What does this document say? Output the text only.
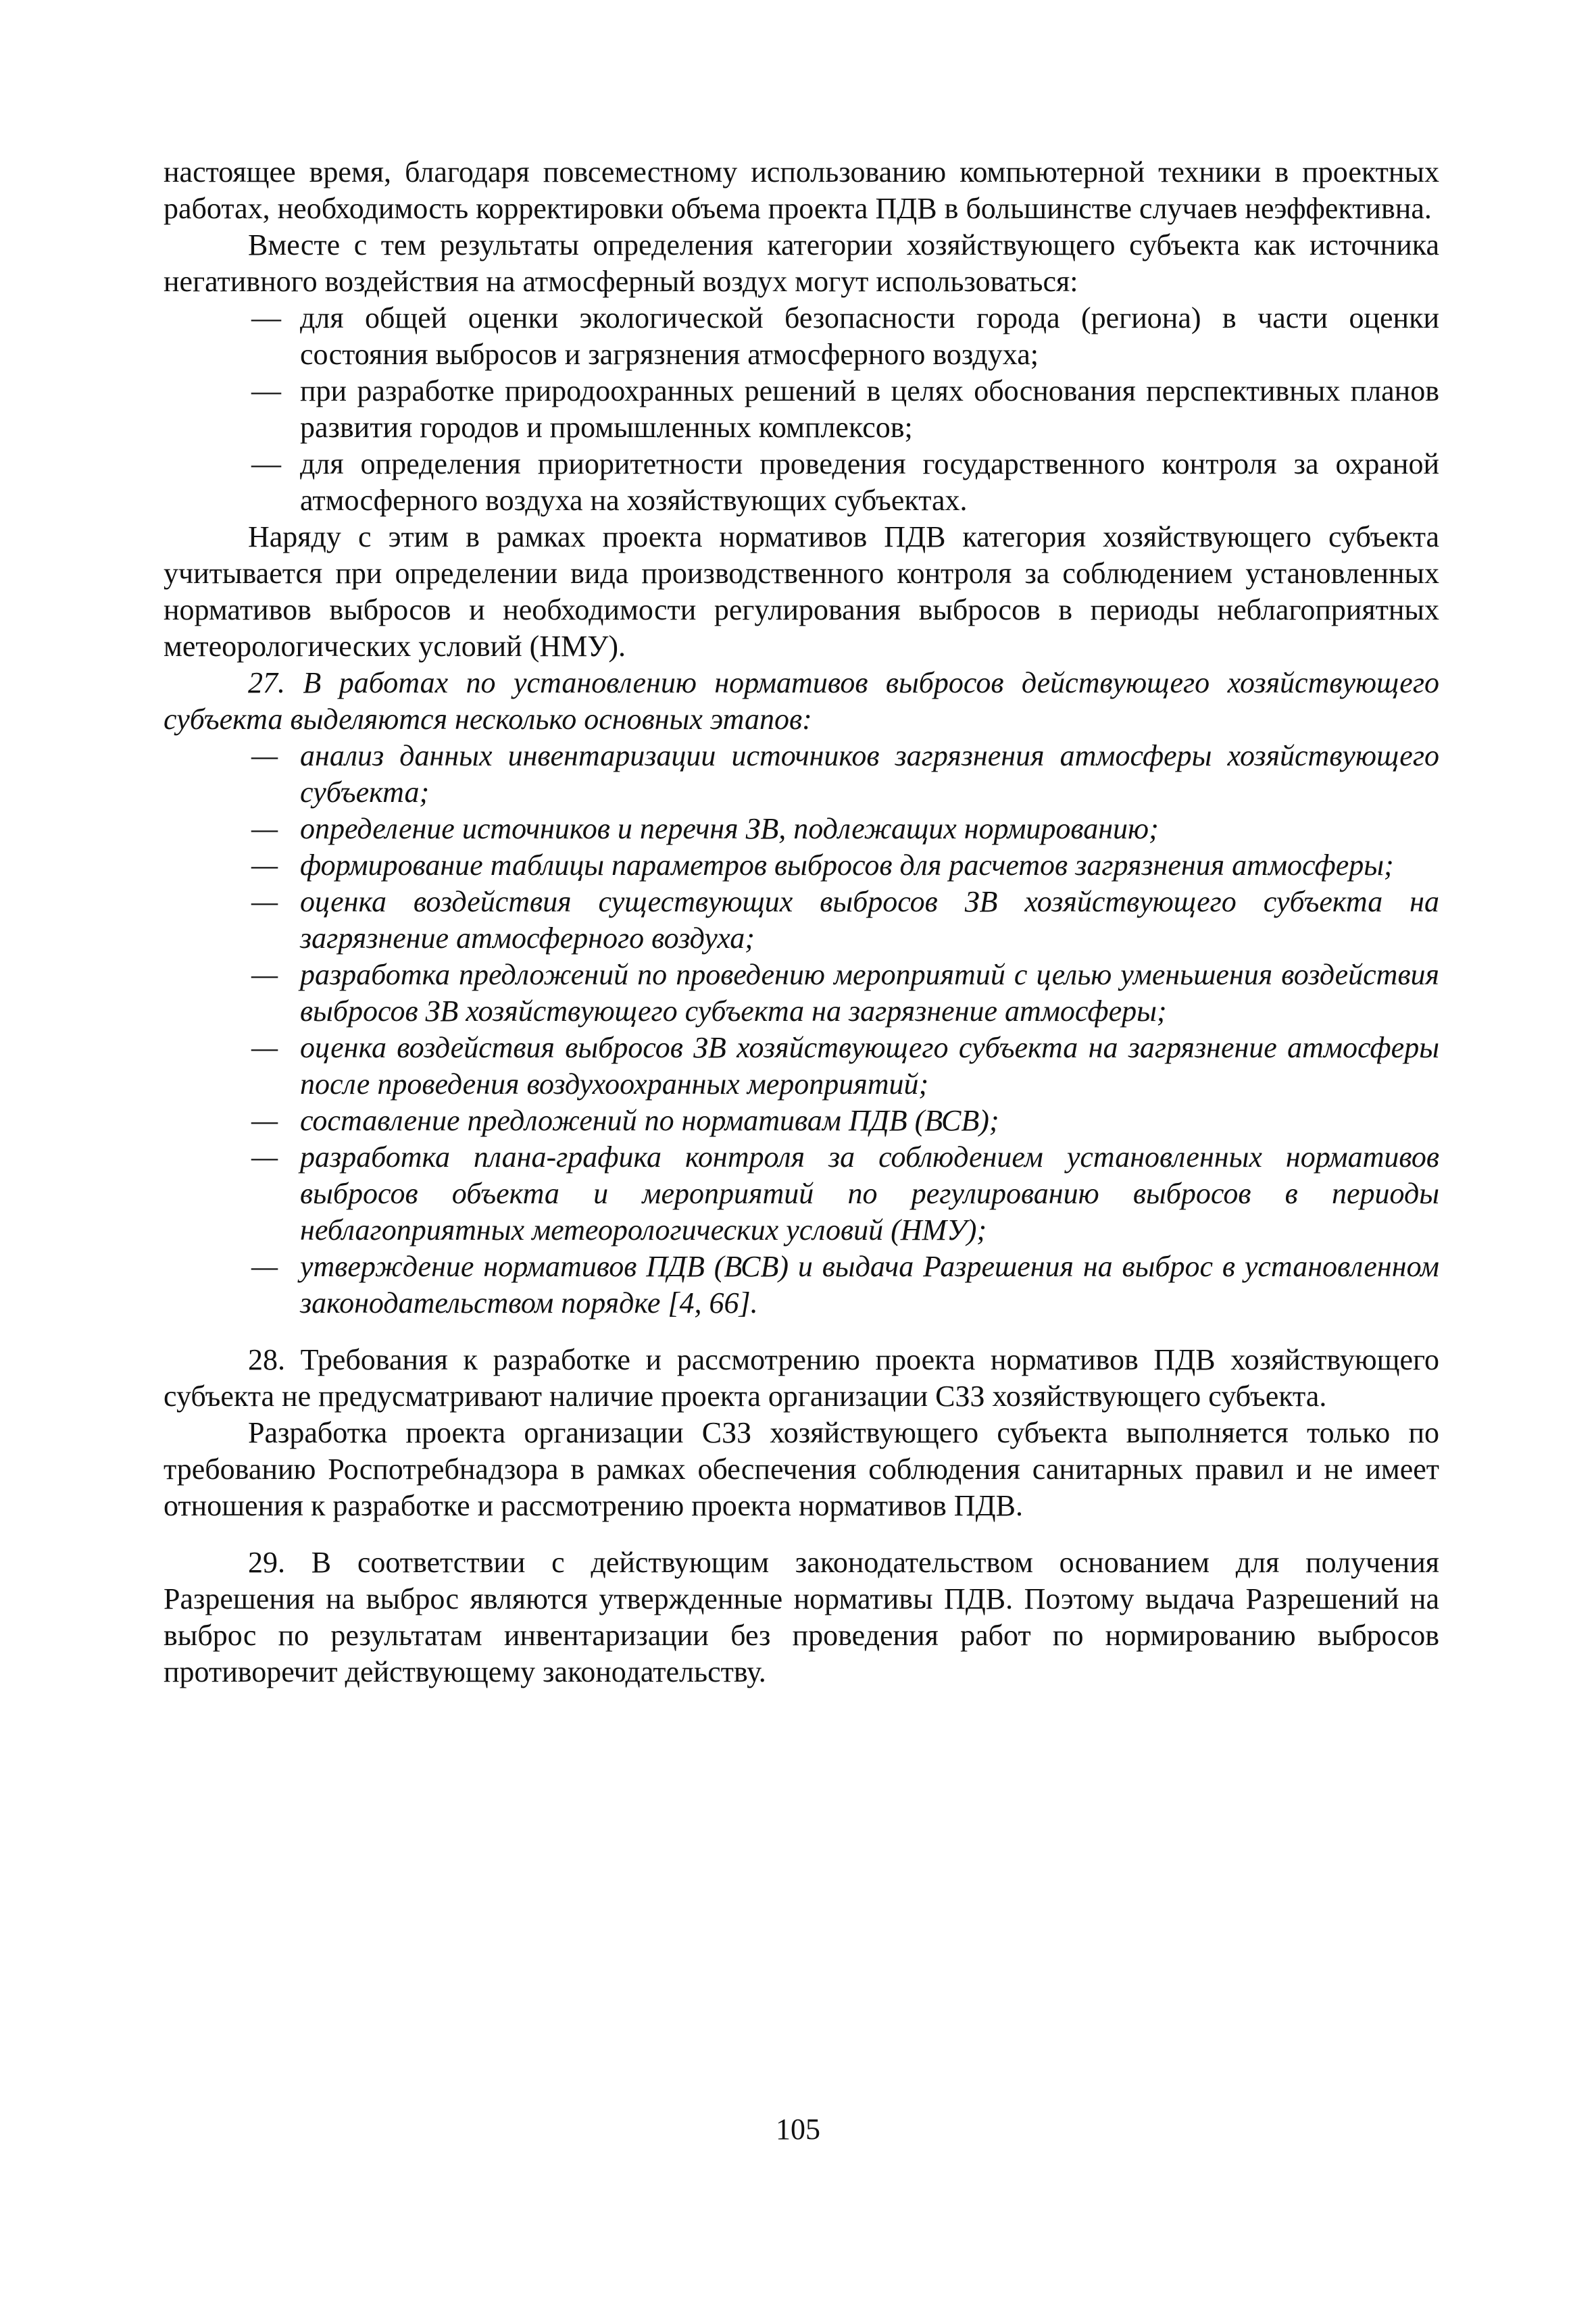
настоящее время, благодаря повсеместному использованию компьютерной техники в проектных работах, необходимость корректировки объема проекта ПДВ в большинстве случаев неэффективна.

Вместе с тем результаты определения категории хозяйствующего субъекта как источника негативного воздействия на атмосферный воздух могут использоваться:

— для общей оценки экологической безопасности города (региона) в части оценки состояния выбросов и загрязнения атмосферного воздуха;
— при разработке природоохранных решений в целях обоснования перспективных планов развития городов и промышленных комплексов;
— для определения приоритетности проведения государственного контроля за охраной атмосферного воздуха на хозяйствующих субъектах.

Наряду с этим в рамках проекта нормативов ПДВ категория хозяйствующего субъекта учитывается при определении вида производственного контроля за соблюдением установленных нормативов выбросов и необходимости регулирования выбросов в периоды неблагоприятных метеорологических условий (НМУ).

27. В работах по установлению нормативов выбросов действующего хозяйствующего субъекта выделяются несколько основных этапов:

— анализ данных инвентаризации источников загрязнения атмосферы хозяйствующего субъекта;
— определение источников и перечня ЗВ, подлежащих нормированию;
— формирование таблицы параметров выбросов для расчетов загрязнения атмосферы;
— оценка воздействия существующих выбросов ЗВ хозяйствующего субъекта на загрязнение атмосферного воздуха;
— разработка предложений по проведению мероприятий с целью уменьшения воздействия выбросов ЗВ хозяйствующего субъекта на загрязнение атмосферы;
— оценка воздействия выбросов ЗВ хозяйствующего субъекта на загрязнение атмосферы после проведения воздухоохранных мероприятий;
— составление предложений по нормативам ПДВ (ВСВ);
— разработка плана-графика контроля за соблюдением установленных нормативов выбросов объекта и мероприятий по регулированию выбросов в периоды неблагоприятных метеорологических условий (НМУ);
— утверждение нормативов ПДВ (ВСВ) и выдача Разрешения на выброс в установленном законодательством порядке [4, 66].

28. Требования к разработке и рассмотрению проекта нормативов ПДВ хозяйствующего субъекта не предусматривают наличие проекта организации СЗЗ хозяйствующего субъекта.

Разработка проекта организации СЗЗ хозяйствующего субъекта выполняется только по требованию Роспотребнадзора в рамках обеспечения соблюдения санитарных правил и не имеет отношения к разработке и рассмотрению проекта нормативов ПДВ.

29. В соответствии с действующим законодательством основанием для получения Разрешения на выброс являются утвержденные нормативы ПДВ. Поэтому выдача Разрешений на выброс по результатам инвентаризации без проведения работ по нормированию выбросов противоречит действующему законодательству.

105
